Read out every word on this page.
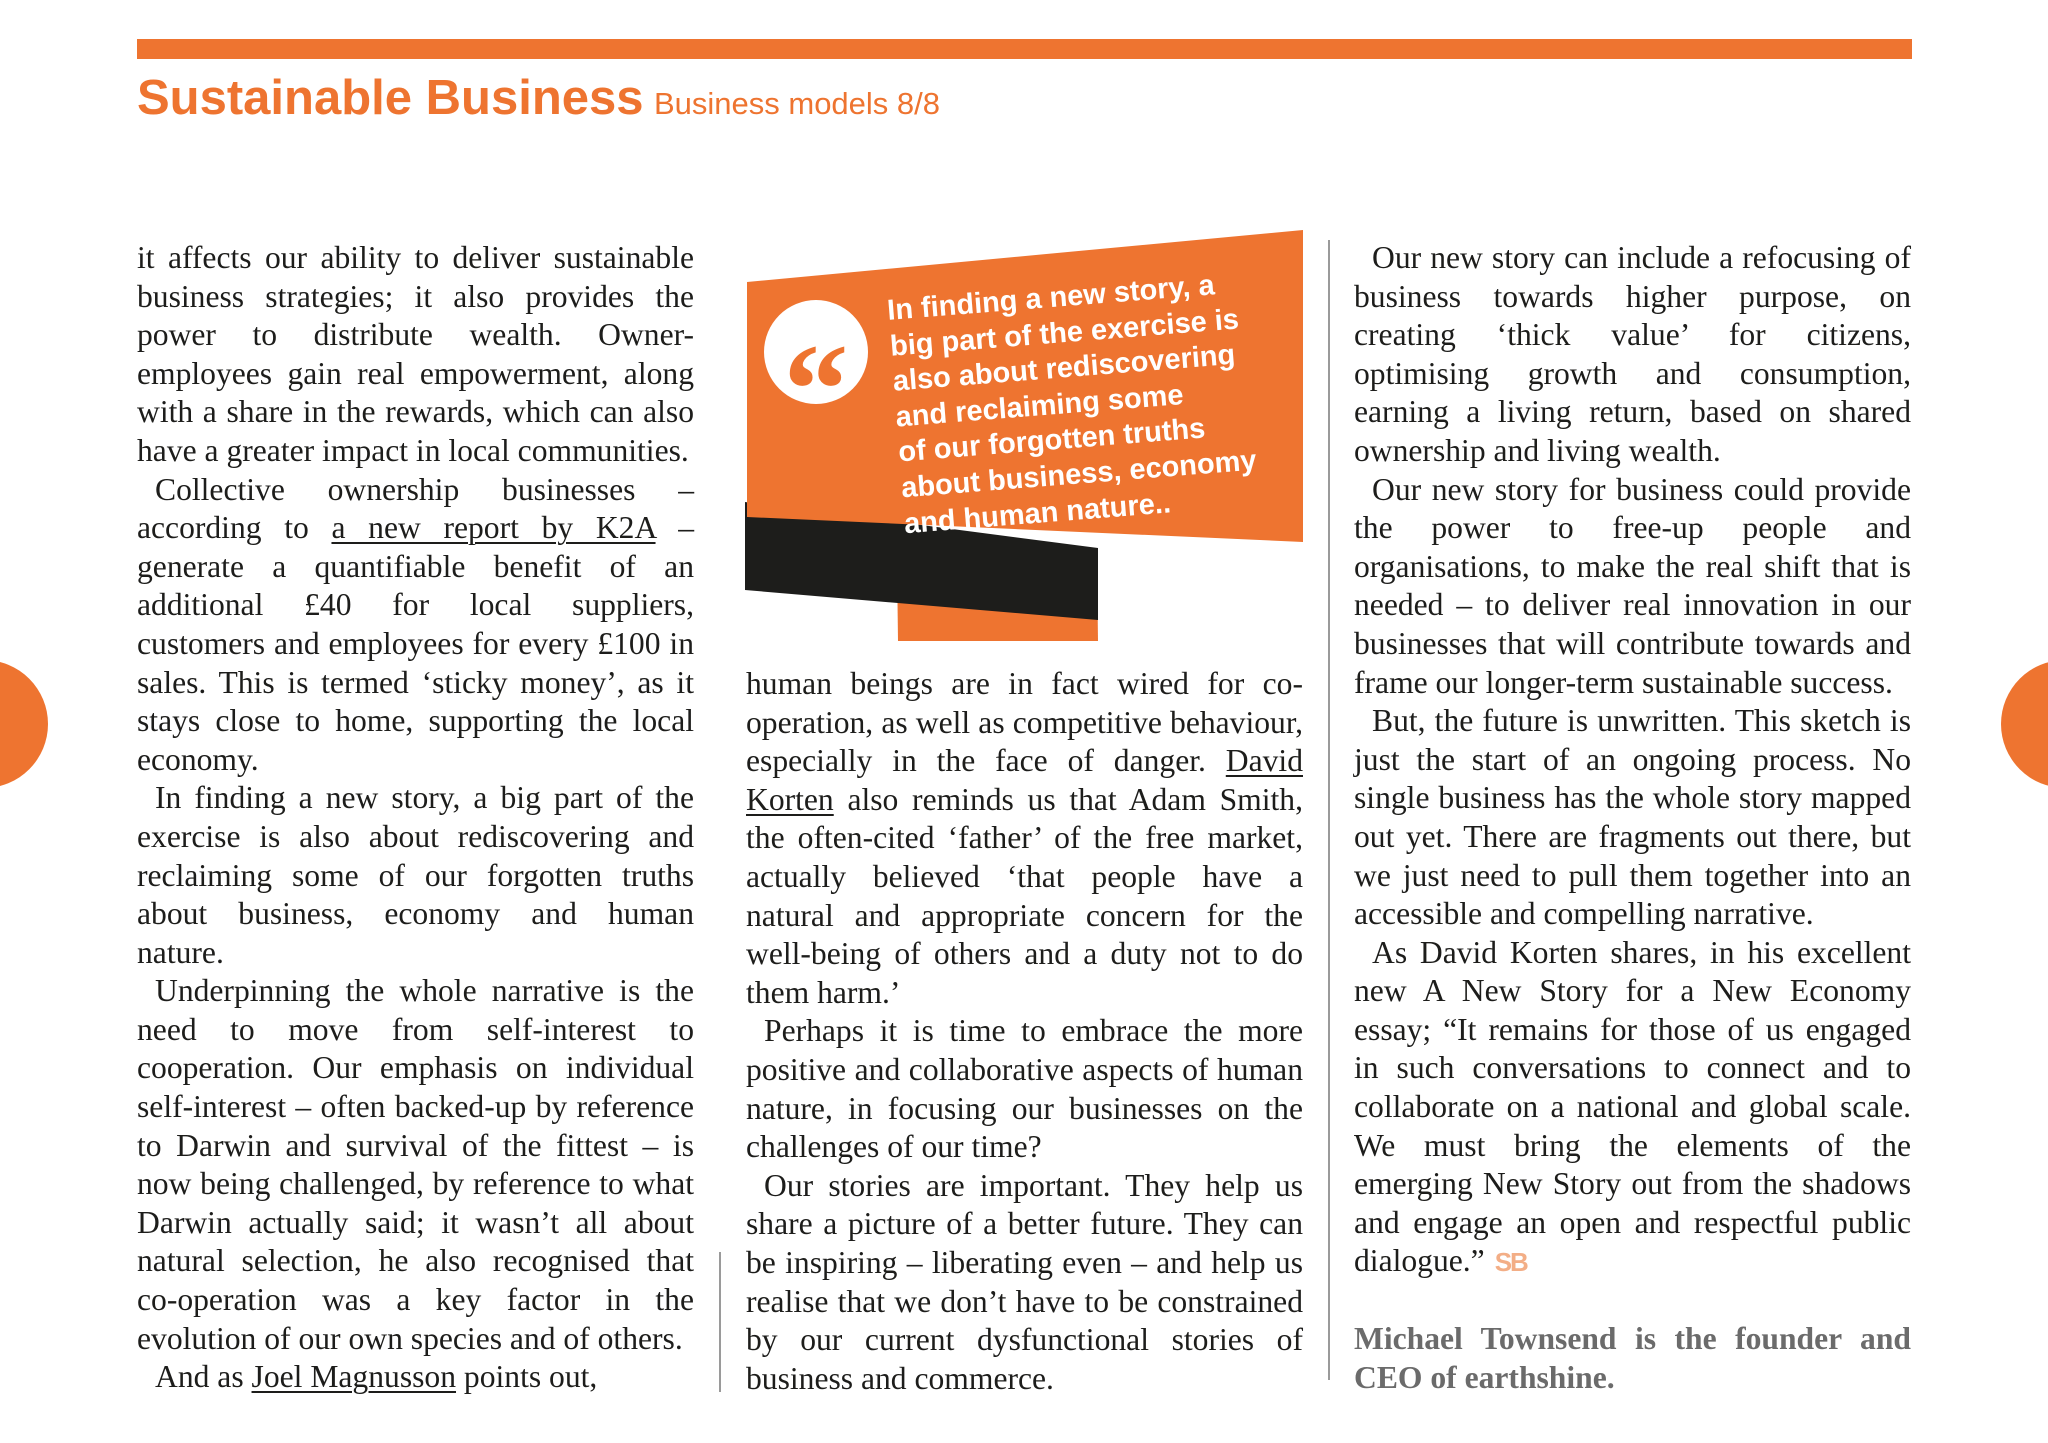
Sustainable Business Business models 8/8

it affects our ability to deliver sustainable business strategies; it also provides the power to distribute wealth. Owner-employees gain real empowerment, along with a share in the rewards, which can also have a greater impact in local communities.

Collective ownership businesses – according to a new report by K2A – generate a quantifiable benefit of an additional £40 for local suppliers, customers and employees for every £100 in sales. This is termed ‘sticky money’, as it stays close to home, supporting the local economy.

In finding a new story, a big part of the exercise is also about rediscovering and reclaiming some of our forgotten truths about business, economy and human nature.

Underpinning the whole narrative is the need to move from self-interest to cooperation. Our emphasis on individual self-interest – often backed-up by reference to Darwin and survival of the fittest – is now being challenged, by reference to what Darwin actually said; it wasn’t all about natural selection, he also recognised that co-operation was a key factor in the evolution of our own species and of others.

And as Joel Magnusson points out,

“
In finding a new story, a
big part of the exercise is
also about rediscovering
and reclaiming some
of our forgotten truths
about business, economy
and human nature..

human beings are in fact wired for co-operation, as well as competitive behaviour, especially in the face of danger. David Korten also reminds us that Adam Smith, the often-cited ‘father’ of the free market, actually believed ‘that people have a natural and appropriate concern for the well-being of others and a duty not to do them harm.’

Perhaps it is time to embrace the more positive and collaborative aspects of human nature, in focusing our businesses on the challenges of our time?

Our stories are important. They help us share a picture of a better future. They can be inspiring – liberating even – and help us realise that we don’t have to be constrained by our current dysfunctional stories of business and commerce.

Our new story can include a refocusing of business towards higher purpose, on creating ‘thick value’ for citizens, optimising growth and consumption, earning a living return, based on shared ownership and living wealth.

Our new story for business could provide the power to free-up people and organisations, to make the real shift that is needed – to deliver real innovation in our businesses that will contribute towards and frame our longer-term sustainable success.

But, the future is unwritten. This sketch is just the start of an ongoing process. No single business has the whole story mapped out yet. There are fragments out there, but we just need to pull them together into an accessible and compelling narrative.

As David Korten shares, in his excellent new A New Story for a New Economy essay; “It remains for those of us engaged in such conversations to connect and to collaborate on a national and global scale. We must bring the elements of the emerging New Story out from the shadows and engage an open and respectful public dialogue.” SB

Michael Townsend is the founder and CEO of earthshine.
